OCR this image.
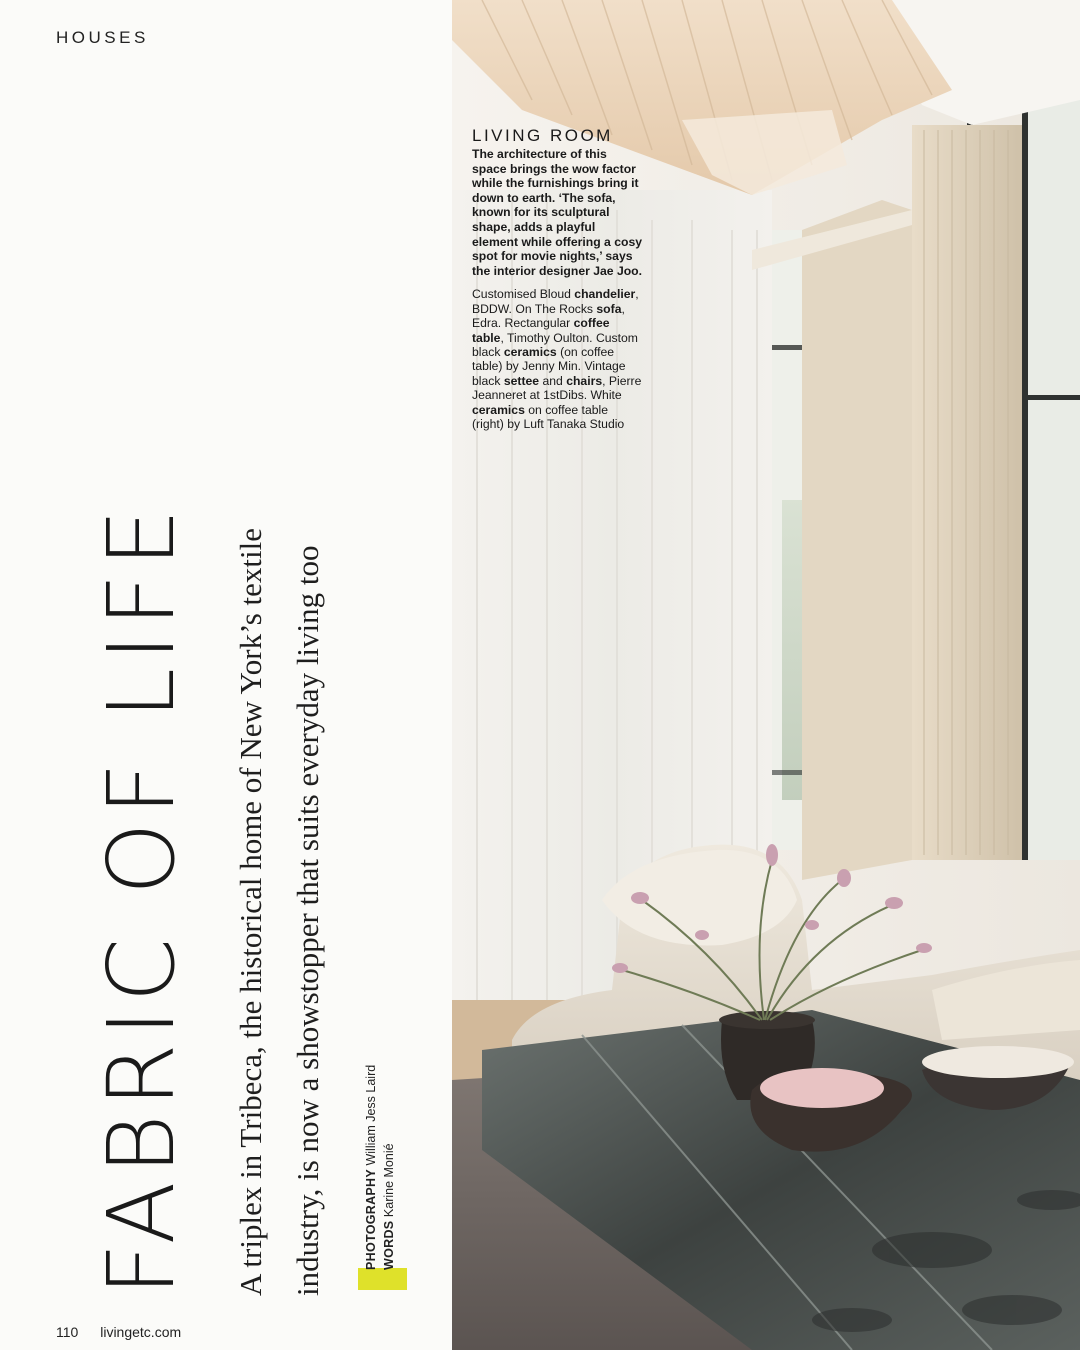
HOUSES
FABRIC OF LIFE	A triplex in Tribeca, the historical home of New York’s textile industry, is now a showstopper that suits everyday living too	PHOTOGRAPHY William Jess Laird
WORDS Karine Monié
110 livingetc.com
LIVING ROOM
The architecture of this space brings the wow factor while the furnishings bring it down to earth. ‘The sofa, known for its sculptural shape, adds a playful element while offering a cosy spot for movie nights,’ says the interior designer Jae Joo.
Customised Bloud chandelier, BDDW. On The Rocks sofa, Edra. Rectangular coffee table, Timothy Oulton. Custom black ceramics (on coffee table) by Jenny Min. Vintage black settee and chairs, Pierre Jeanneret at 1stDibs. White ceramics on coffee table (right) by Luft Tanaka Studio
